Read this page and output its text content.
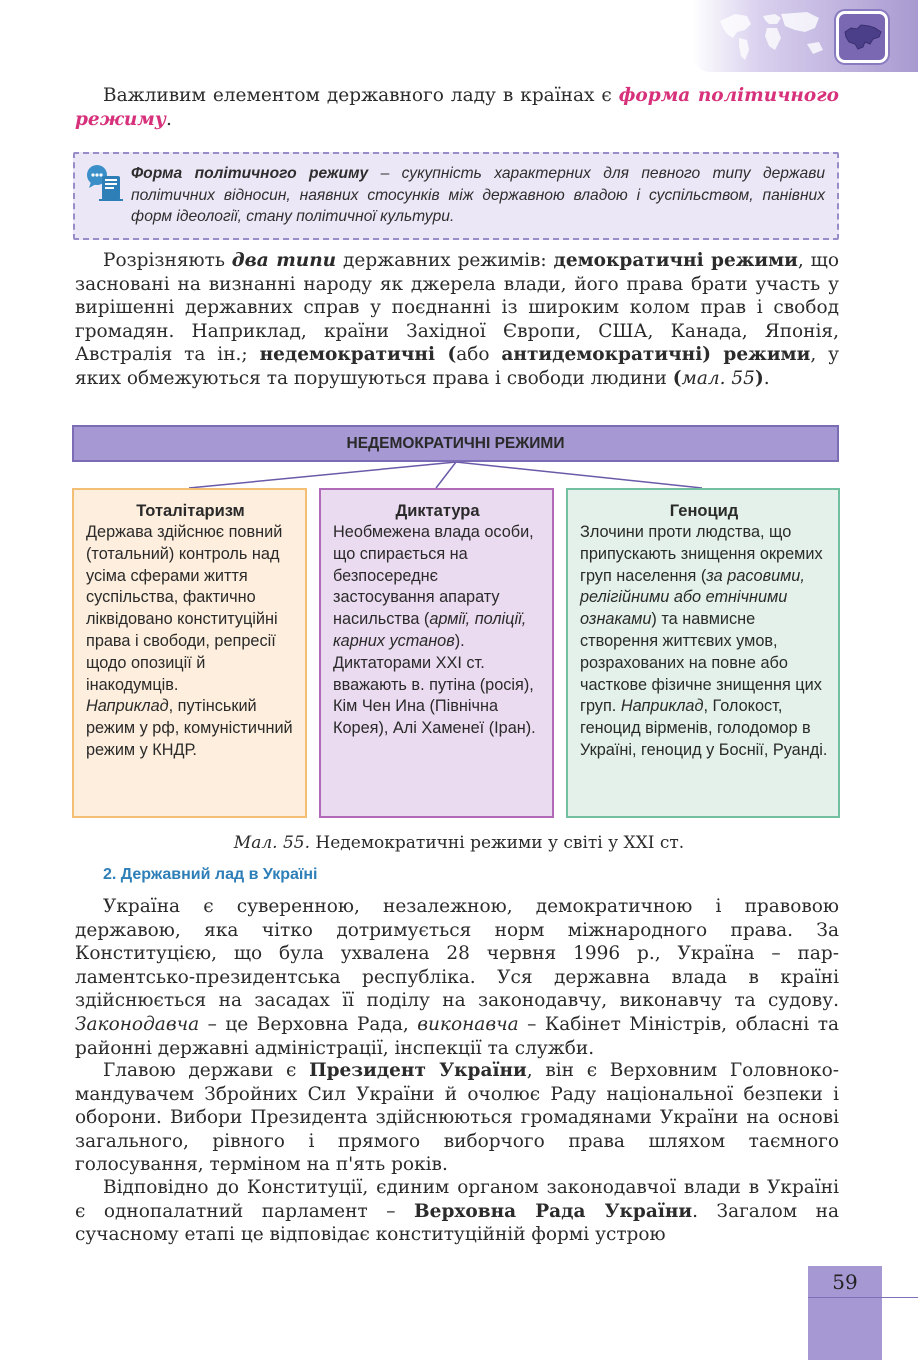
Важливим елементом державного ладу в країнах є форма політичного режиму.
Форма політичного режиму – сукупність характерних для певного типу держави політичних відносин, наявних стосунків між державною владою і суспільством, панівних форм ідеології, стану політичної культури.
Розрізняють два типи державних режимів: демократичні режими, що засновані на визнанні народу як джерела влади, його права брати участь у вирішенні державних справ у поєднанні із широким колом прав і свобод громадян. Наприклад, країни Західної Європи, США, Канада, Японія, Австралія та ін.; недемократичні (або антидемократичні) режими, у яких обмежуються та порушуються права і свободи людини (мал. 55).
НЕДЕМОКРАТИЧНІ РЕЖИМИ
Тоталітаризм
Держава здійснює повний (тотальний) контроль над усіма сферами життя суспільства, фактично ліквідовано конституційні права і свободи, репресії щодо опозиції й інакодумців.
Наприклад, путінський режим у рф, комуністичний режим у КНДР.
Диктатура
Необмежена влада особи, що спирається на безпосереднє застосування апарату насильства (армії, поліції, карних установ). Диктаторами ХХІ ст. вважають в. путіна (росія), Кім Чен Ина (Північна Корея), Алі Хаменеї (Іран).
Геноцид
Злочини проти людства, що припускають знищення окремих груп населення (за расовими, релігійними або етнічними ознаками) та навмисне створення життєвих умов, розрахованих на повне або часткове фізичне знищення цих груп. Наприклад, Голокост, геноцид вірменів, голодомор в Україні, геноцид у Боснії, Руанді.
Мал. 55. Недемократичні режими у світі у ХХІ ст.
2. Державний лад в Україні
Україна є суверенною, незалежною, демократичною і правовою державою, яка чітко дотримується норм міжнародного права. За Конституцією, що була ухвалена 28 червня 1996 р., Україна – парламентсько-президентська республіка. Уся державна влада в країні здійснюється на засадах її поділу на законодавчу, виконавчу та судову. Законодавча – це Верховна Рада, виконавча – Кабінет Міністрів, обласні та районні державні адміністрації, інспекції та служби.
Главою держави є Президент України, він є Верховним Головнокомандувачем Збройних Сил України й очолює Раду національної безпеки і оборони. Вибори Президента здійснюються громадянами України на основі загального, рівного і прямого виборчого права шляхом таємного голосування, терміном на п'ять років.
Відповідно до Конституції, єдиним органом законодавчої влади в Україні є однопалатний парламент – Верховна Рада України. Загалом на сучасному етапі це відповідає конституційній формі устрою
59
